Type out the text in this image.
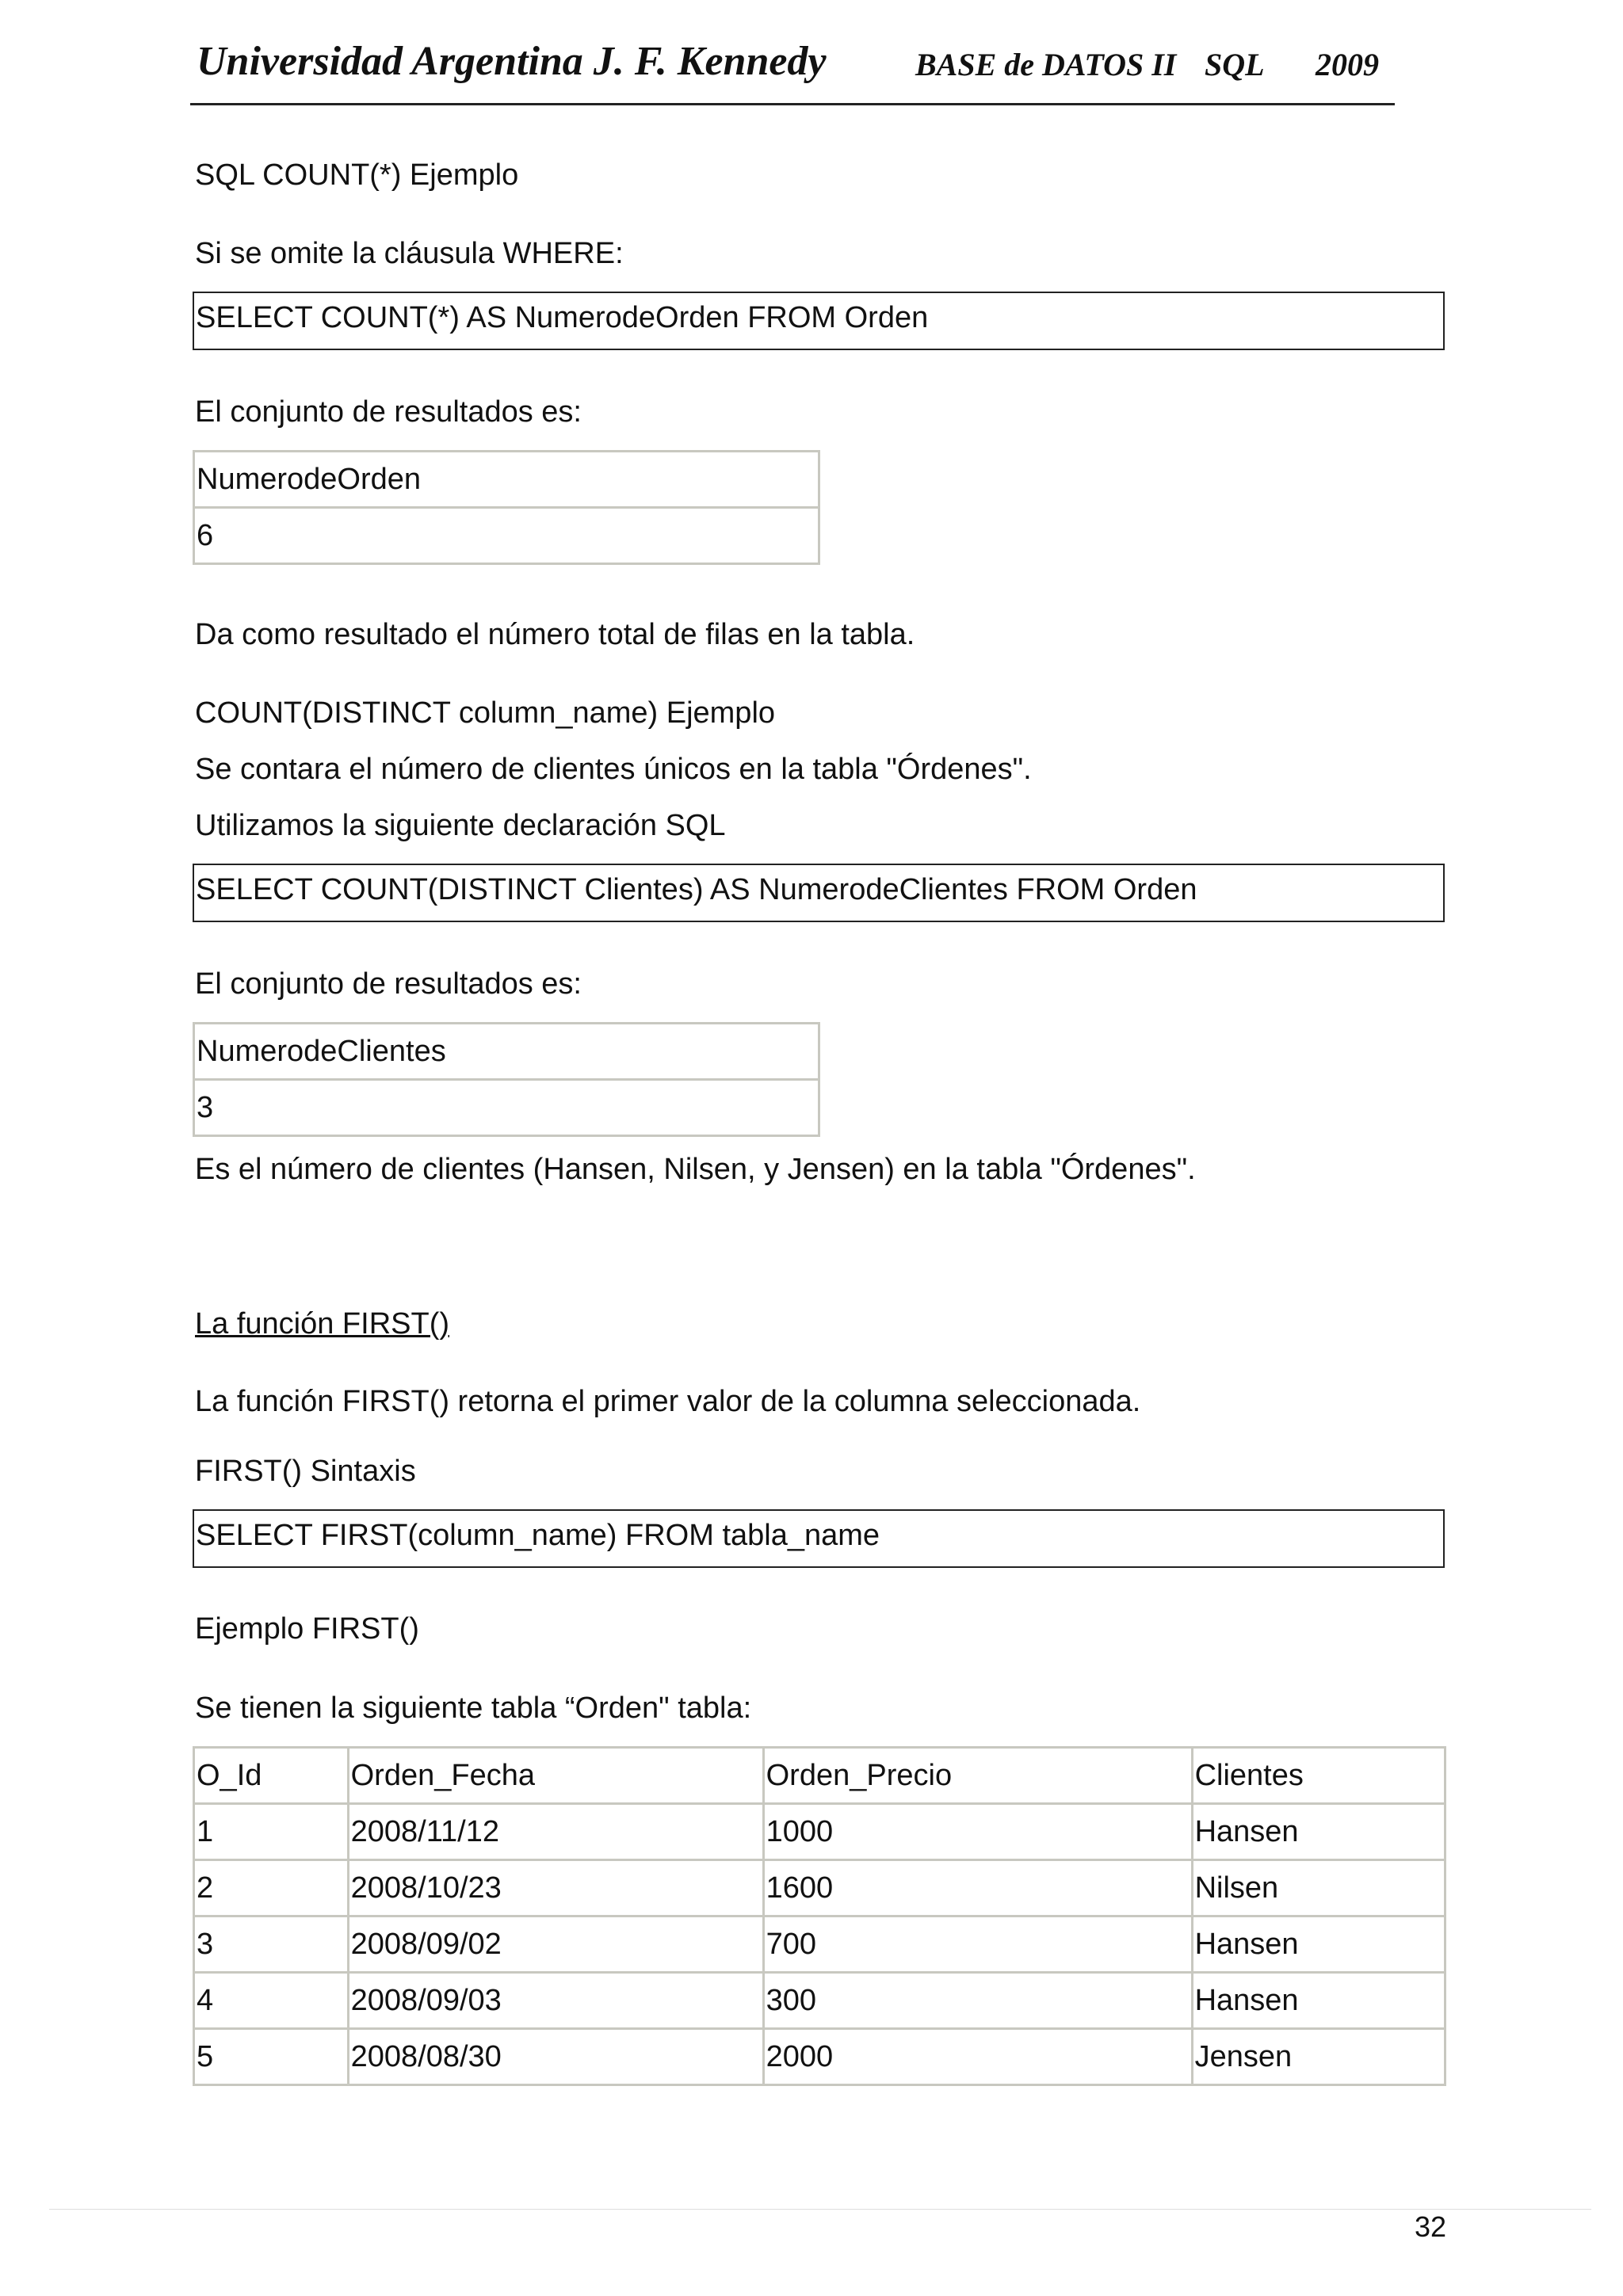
Universidad Argentina J. F. Kennedy	BASE de DATOS II SQL 2009
SQL COUNT(*) Ejemplo
Si se omite la cláusula WHERE:
SELECT COUNT(*) AS NumerodeOrden FROM Orden
El conjunto de resultados es:
NumerodeOrden
6
Da como resultado el número total de filas en la tabla.
COUNT(DISTINCT column_name) Ejemplo
Se contara el número de clientes únicos en la tabla "Órdenes".
Utilizamos la siguiente declaración SQL
SELECT COUNT(DISTINCT Clientes) AS NumerodeClientes FROM Orden
El conjunto de resultados es:
NumerodeClientes
3
Es el número de clientes (Hansen, Nilsen, y Jensen) en la tabla "Órdenes".
La función FIRST()
La función FIRST() retorna el primer valor de la columna seleccionada.
FIRST() Sintaxis
SELECT FIRST(column_name) FROM tabla_name
Ejemplo FIRST()
Se tienen la siguiente tabla “Orden" tabla:
O_Id	Orden_Fecha	Orden_Precio	Clientes
1	2008/11/12	1000	Hansen
2	2008/10/23	1600	Nilsen
3	2008/09/02	700	Hansen
4	2008/09/03	300	Hansen
5	2008/08/30	2000	Jensen
32
